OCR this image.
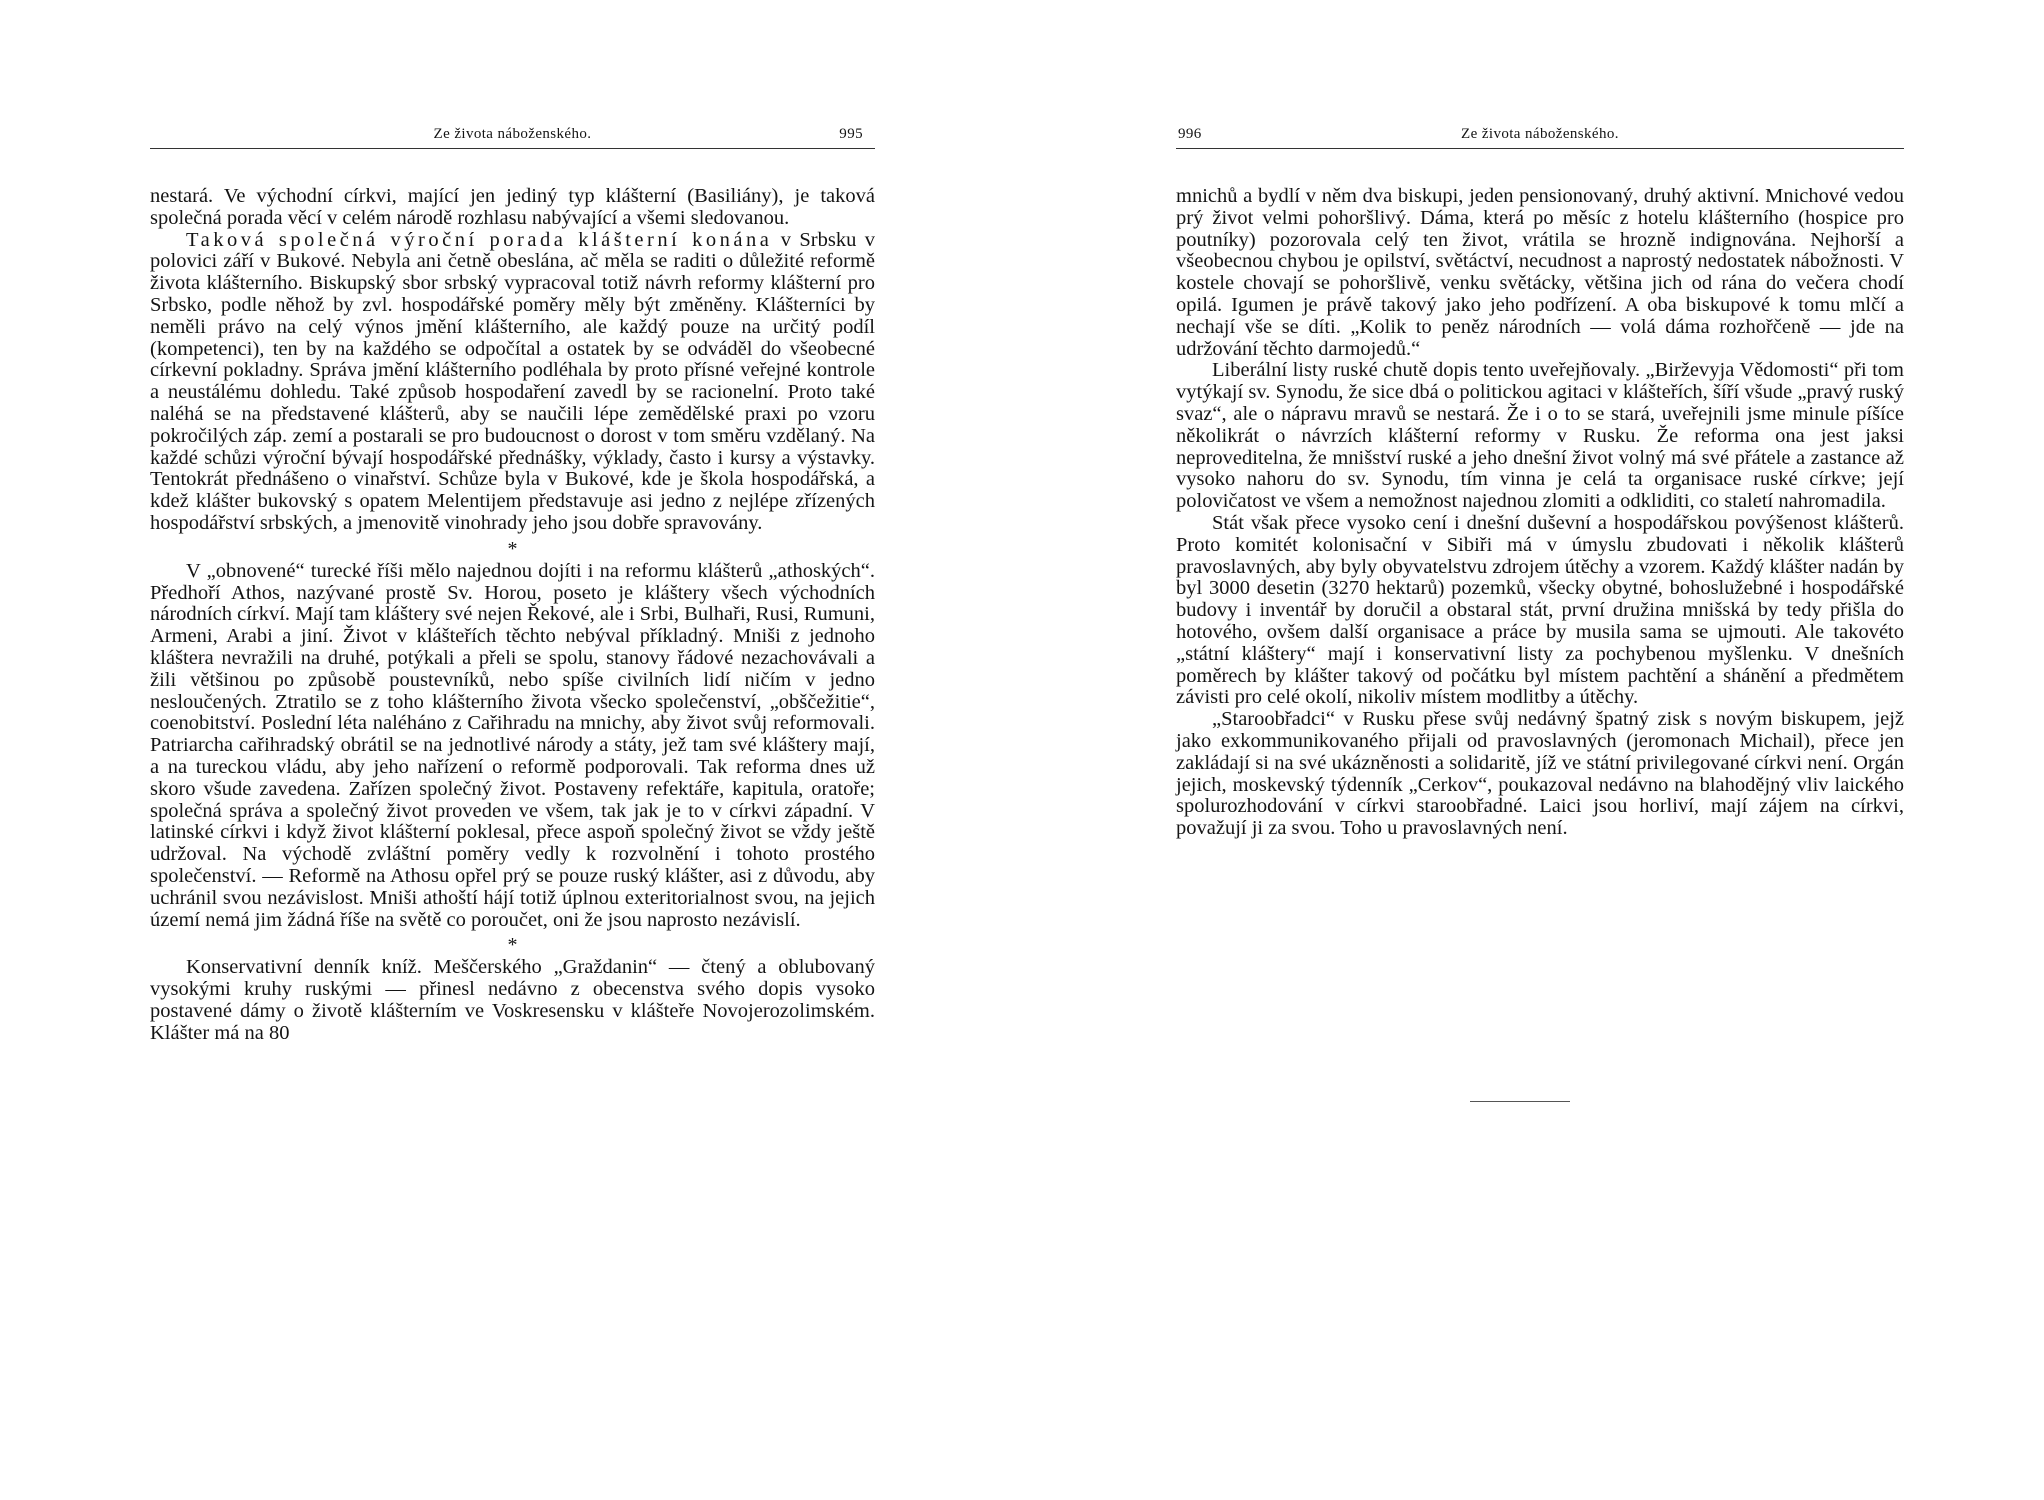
Ze života náboženského.	995

nestará. Ve východní církvi, mající jen jediný typ klášterní (Basiliány), je taková společná porada věcí v celém národě rozhlasu nabývající a všemi sledovanou.

Taková společná výroční porada klášterní konána v Srbsku v polovici září v Bukové. Nebyla ani četně obeslána, ač měla se raditi o důležité reformě života klášterního. Biskupský sbor srbský vypracoval totiž návrh reformy klášterní pro Srbsko, podle něhož by zvl. hospodářské poměry měly být změněny. Klášterníci by neměli právo na celý výnos jmění klášterního, ale každý pouze na určitý podíl (kompetenci), ten by na každého se odpočítal a ostatek by se odváděl do všeobecné církevní pokladny. Správa jmění klášterního podléhala by proto přísné veřejné kontrole a neustálému dohledu. Také způsob hospodaření zavedl by se racionelní. Proto také naléhá se na představené klášterů, aby se naučili lépe zemědělské praxi po vzoru pokročilých záp. zemí a postarali se pro budoucnost o dorost v tom směru vzdělaný. Na každé schůzi výroční bývají hospodářské přednášky, výklady, často i kursy a výstavky. Tentokrát přednášeno o vinařství. Schůze byla v Bukové, kde je škola hospodářská, a kdež klášter bukovský s opatem Melentijem představuje asi jedno z nejlépe zřízených hospodářství srbských, a jmenovitě vinohrady jeho jsou dobře spravovány.

*

V „obnovené“ turecké říši mělo najednou dojíti i na reformu klášterů „athoských“. Předhoří Athos, nazývané prostě Sv. Horou, poseto je kláštery všech východních národních církví. Mají tam kláštery své nejen Řekové, ale i Srbi, Bulhaři, Rusi, Rumuni, Armeni, Arabi a jiní. Život v klášteřích těchto nebýval příkladný. Mniši z jednoho kláštera nevražili na druhé, potýkali a přeli se spolu, stanovy řádové nezachovávali a žili většinou po způsobě poustevníků, nebo spíše civilních lidí ničím v jedno nesloučených. Ztratilo se z toho klášterního života všecko společenství, „obščežitie“, coenobitství. Poslední léta naléháno z Cařihradu na mnichy, aby život svůj reformovali. Patriarcha cařihradský obrátil se na jednotlivé národy a státy, jež tam své kláštery mají, a na tureckou vládu, aby jeho nařízení o reformě podporovali. Tak reforma dnes už skoro všude zavedena. Zařízen společný život. Postaveny refektáře, kapitula, oratoře; společná správa a společný život proveden ve všem, tak jak je to v církvi západní. V latinské církvi i když život klášterní poklesal, přece aspoň společný život se vždy ještě udržoval. Na východě zvláštní poměry vedly k rozvolnění i tohoto prostého společenství. — Reformě na Athosu opřel prý se pouze ruský klášter, asi z důvodu, aby uchránil svou nezávislost. Mniši athoští hájí totiž úplnou exteritorialnost svou, na jejich území nemá jim žádná říše na světě co poroučet, oni že jsou naprosto nezávislí.

*

Konservativní denník kníž. Meščerského „Graždanin“ — čtený a oblubovaný vysokými kruhy ruskými — přinesl nedávno z obecenstva svého dopis vysoko postavené dámy o životě klášterním ve Voskresensku v klášteře Novojerozolimském. Klášter má na 80

996	Ze života náboženského.

mnichů a bydlí v něm dva biskupi, jeden pensionovaný, druhý aktivní. Mnichové vedou prý život velmi pohoršlivý. Dáma, která po měsíc z hotelu klášterního (hospice pro poutníky) pozorovala celý ten život, vrátila se hrozně indignována. Nejhorší a všeobecnou chybou je opilství, světáctví, necudnost a naprostý nedostatek nábožnosti. V kostele chovají se pohoršlivě, venku světácky, většina jich od rána do večera chodí opilá. Igumen je právě takový jako jeho podřízení. A oba biskupové k tomu mlčí a nechají vše se díti. „Kolik to peněz národních — volá dáma rozhořčeně — jde na udržování těchto darmojedů.“

Liberální listy ruské chutě dopis tento uveřejňovaly. „Birževyja Vědomosti“ při tom vytýkají sv. Synodu, že sice dbá o politickou agitaci v klášteřích, šíří všude „pravý ruský svaz“, ale o nápravu mravů se nestará. Že i o to se stará, uveřejnili jsme minule píšíce několikrát o návrzích klášterní reformy v Rusku. Že reforma ona jest jaksi neproveditelna, že mnišství ruské a jeho dnešní život volný má své přátele a zastance až vysoko nahoru do sv. Synodu, tím vinna je celá ta organisace ruské církve; její polovičatost ve všem a nemožnost najednou zlomiti a odkliditi, co staletí nahromadila.

Stát však přece vysoko cení i dnešní duševní a hospodářskou povýšenost klášterů. Proto komitét kolonisační v Sibiři má v úmyslu zbudovati i několik klášterů pravoslavných, aby byly obyvatelstvu zdrojem útěchy a vzorem. Každý klášter nadán by byl 3000 desetin (3270 hektarů) pozemků, všecky obytné, bohoslužebné i hospodářské budovy i inventář by doručil a obstaral stát, první družina mnišská by tedy přišla do hotového, ovšem další organisace a práce by musila sama se ujmouti. Ale takovéto „státní kláštery“ mají i konservativní listy za pochybenou myšlenku. V dnešních poměrech by klášter takový od počátku byl místem pachtění a shánění a předmětem závisti pro celé okolí, nikoliv místem modlitby a útěchy.

„Staroobřadci“ v Rusku přese svůj nedávný špatný zisk s novým biskupem, jejž jako exkommunikovaného přijali od pravoslavných (jeromonach Michail), přece jen zakládají si na své ukázněnosti a solidaritě, jíž ve státní privilegované církvi není. Orgán jejich, moskevský týdenník „Cerkov“, poukazoval nedávno na blahodějný vliv laického spolurozhodování v církvi staroobřadné. Laici jsou horliví, mají zájem na církvi, považují ji za svou. Toho u pravoslavných není.
